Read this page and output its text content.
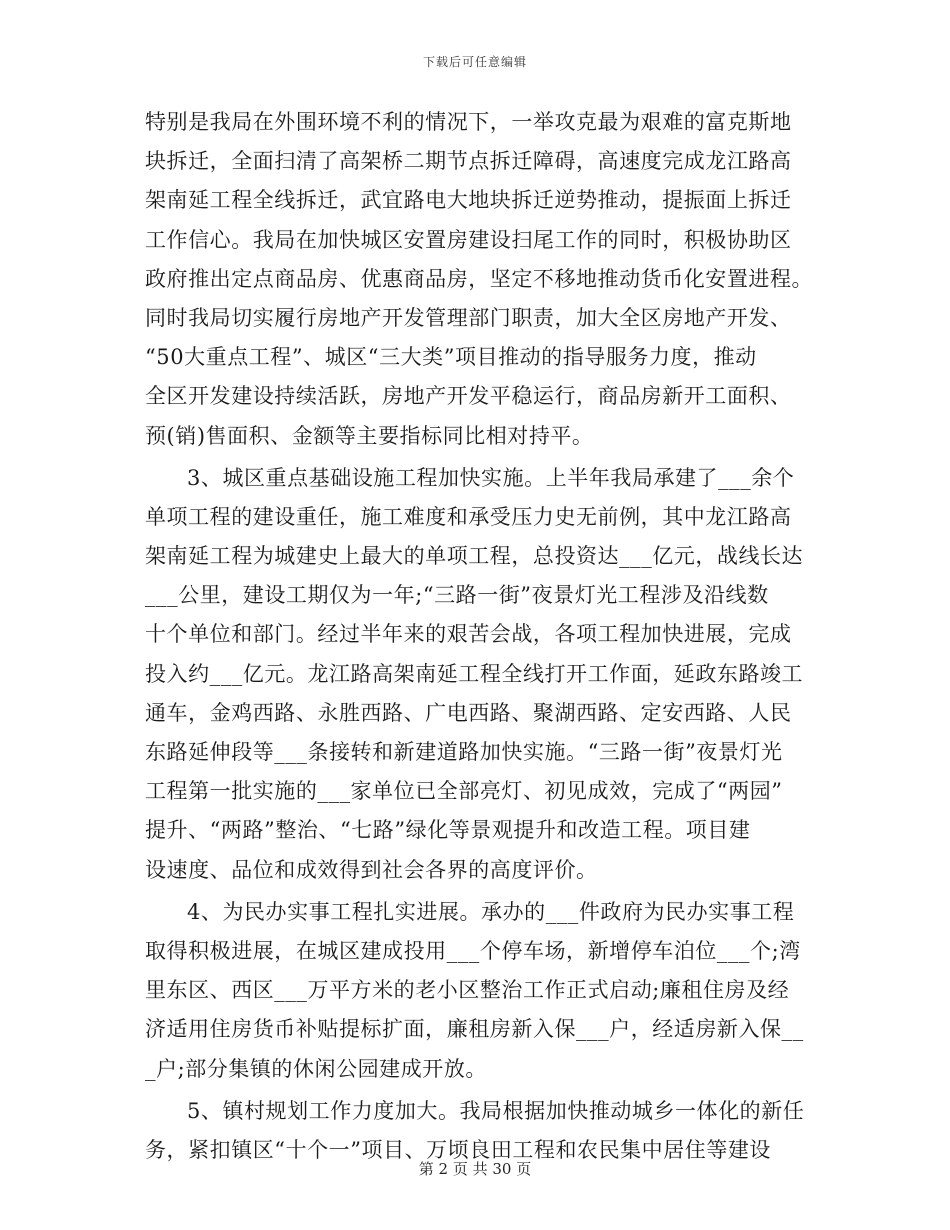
下载后可任意编辑
特别是我局在外围环境不利的情况下，一举攻克最为艰难的富克斯地
块拆迁，全面扫清了高架桥二期节点拆迁障碍，高速度完成龙江路高
架南延工程全线拆迁，武宜路电大地块拆迁逆势推动，提振面上拆迁
工作信心。我局在加快城区安置房建设扫尾工作的同时，积极协助区
政府推出定点商品房、优惠商品房，坚定不移地推动货币化安置进程。
同时我局切实履行房地产开发管理部门职责，加大全区房地产开发、
“50大重点工程”、城区“三大类”项目推动的指导服务力度，推动
全区开发建设持续活跃，房地产开发平稳运行，商品房新开工面积、
预(销)售面积、金额等主要指标同比相对持平。
3、城区重点基础设施工程加快实施。上半年我局承建了___余个
单项工程的建设重任，施工难度和承受压力史无前例，其中龙江路高
架南延工程为城建史上最大的单项工程，总投资达___亿元，战线长达
___公里，建设工期仅为一年;“三路一街”夜景灯光工程涉及沿线数
十个单位和部门。经过半年来的艰苦会战，各项工程加快进展，完成
投入约___亿元。龙江路高架南延工程全线打开工作面，延政东路竣工
通车，金鸡西路、永胜西路、广电西路、聚湖西路、定安西路、人民
东路延伸段等___条接转和新建道路加快实施。“三路一街”夜景灯光
工程第一批实施的___家单位已全部亮灯、初见成效，完成了“两园”
提升、“两路”整治、“七路”绿化等景观提升和改造工程。项目建
设速度、品位和成效得到社会各界的高度评价。
4、为民办实事工程扎实进展。承办的___件政府为民办实事工程
取得积极进展，在城区建成投用___个停车场，新增停车泊位___个;湾
里东区、西区___万平方米的老小区整治工作正式启动;廉租住房及经
济适用住房货币补贴提标扩面，廉租房新入保___户，经适房新入保__
_户;部分集镇的休闲公园建成开放。
5、镇村规划工作力度加大。我局根据加快推动城乡一体化的新任
务，紧扣镇区“十个一”项目、万顷良田工程和农民集中居住等建设
第 2 页 共 30 页
